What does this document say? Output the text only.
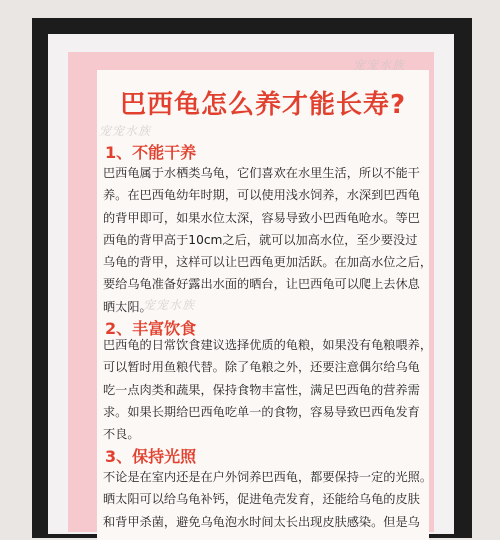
宠宠水族
宠宠水族
宠宠水族
巴西龟怎么养才能长寿?
1、不能干养
巴西龟属于水栖类乌龟，它们喜欢在水里生活，所以不能干
养。在巴西龟幼年时期，可以使用浅水饲养，水深到巴西龟
的背甲即可，如果水位太深，容易导致小巴西龟呛水。等巴
西龟的背甲高于10cm之后，就可以加高水位，至少要没过
乌龟的背甲，这样可以让巴西龟更加活跃。在加高水位之后，
要给乌龟准备好露出水面的晒台，让巴西龟可以爬上去休息
晒太阳。
2、丰富饮食
巴西龟的日常饮食建议选择优质的龟粮，如果没有龟粮喂养，
可以暂时用鱼粮代替。除了龟粮之外，还要注意偶尔给乌龟
吃一点肉类和蔬果，保持食物丰富性，满足巴西龟的营养需
求。如果长期给巴西龟吃单一的食物，容易导致巴西龟发育
不良。
3、保持光照
不论是在室内还是在户外饲养巴西龟，都要保持一定的光照。
晒太阳可以给乌龟补钙，促进龟壳发育，还能给乌龟的皮肤
和背甲杀菌，避免乌龟泡水时间太长出现皮肤感染。但是乌
